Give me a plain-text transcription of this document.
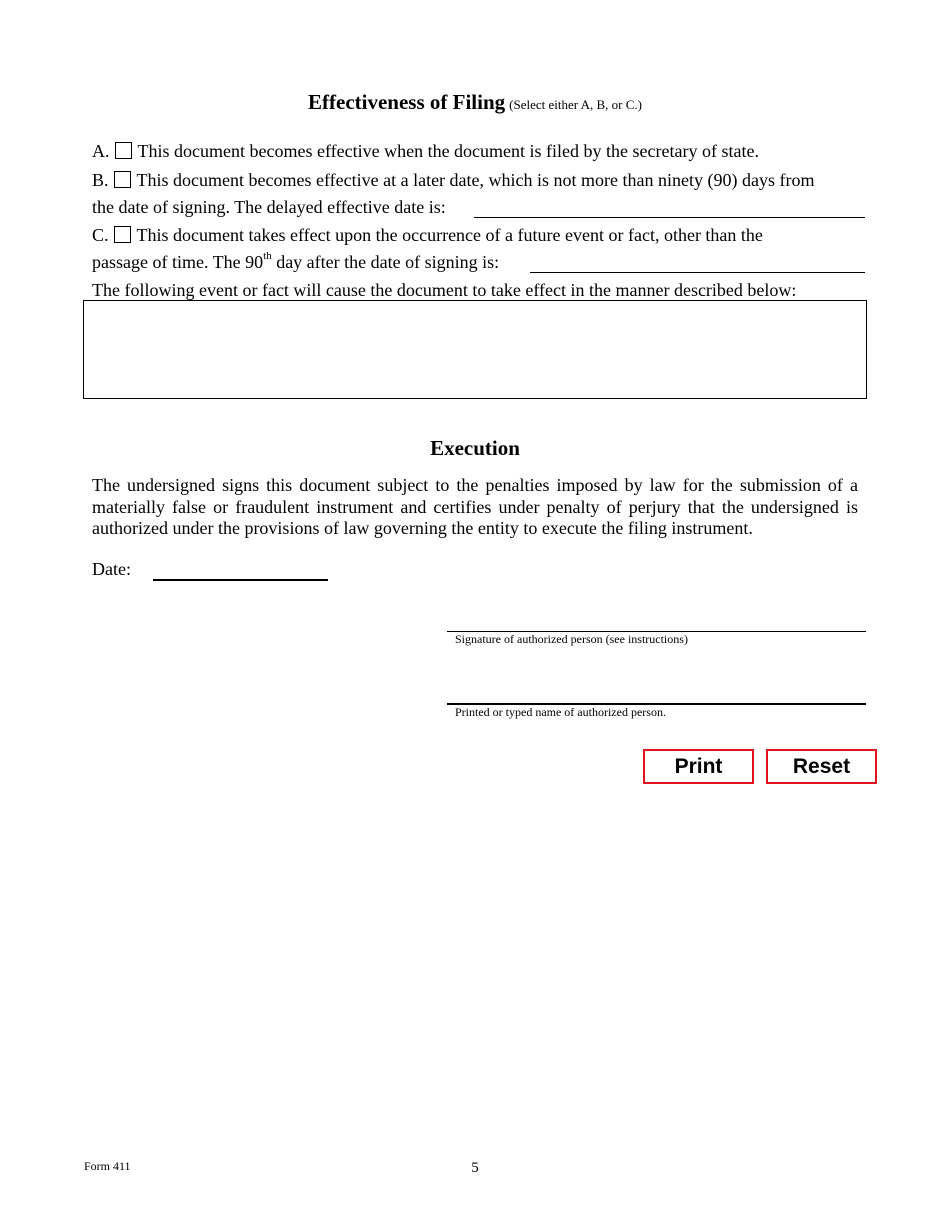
Effectiveness of Filing (Select either A, B, or C.)
A. This document becomes effective when the document is filed by the secretary of state.
B. This document becomes effective at a later date, which is not more than ninety (90) days from
the date of signing. The delayed effective date is:
C. This document takes effect upon the occurrence of a future event or fact, other than the
passage of time. The 90th day after the date of signing is:
The following event or fact will cause the document to take effect in the manner described below:
Execution
The undersigned signs this document subject to the penalties imposed by law for the submission of a materially false or fraudulent instrument and certifies under penalty of perjury that the undersigned is authorized under the provisions of law governing the entity to execute the filing instrument.
Date:
Signature of authorized person (see instructions)
Printed or typed name of authorized person.
Print	Reset
Form 411	5
